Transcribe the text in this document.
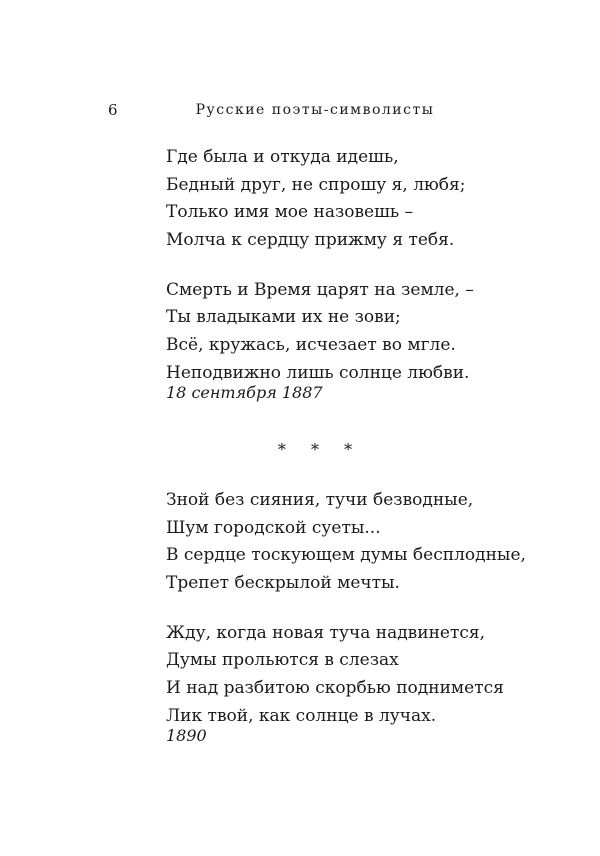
6	Русские поэты-символисты
Где была и откуда идешь,
Бедный друг, не спрошу я, любя;
Только имя мое назовешь –
Молча к сердцу прижму я тебя.
Смерть и Время царят на земле, –
Ты владыками их не зови;
Всё, кружась, исчезает во мгле.
Неподвижно лишь солнце любви.
18 сентября 1887
* * *
Зной без сияния, тучи безводные,
Шум городской суеты...
В сердце тоскующем думы бесплодные,
Трепет бескрылой мечты.
Жду, когда новая туча надвинется,
Думы прольются в слезах
И над разбитою скорбью поднимется
Лик твой, как солнце в лучах.
1890
